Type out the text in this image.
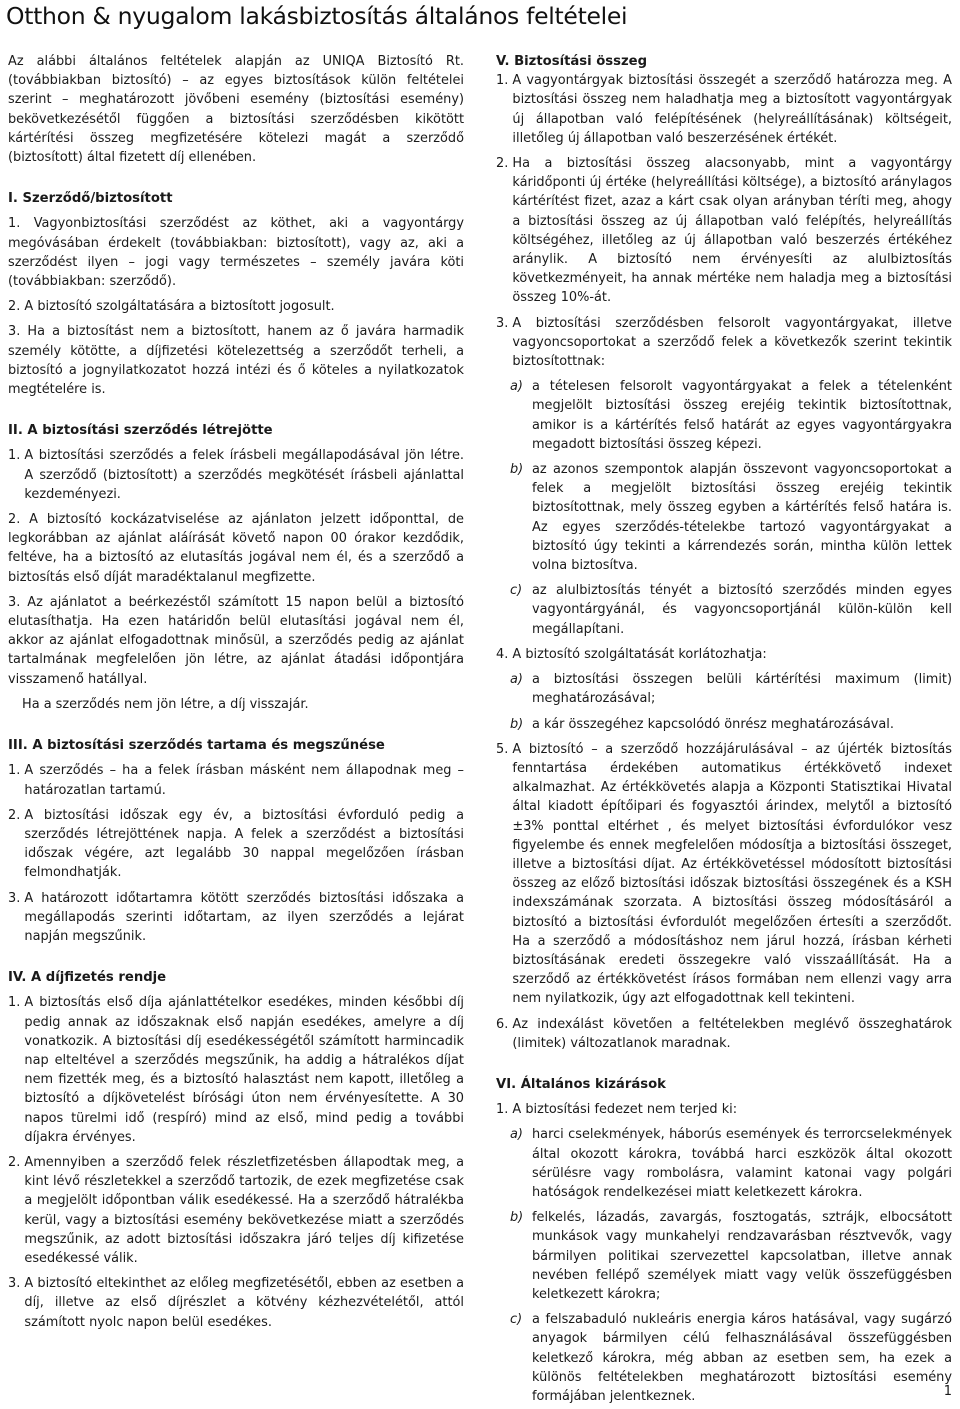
Otthon & nyugalom lakásbiztosítás általános feltételei

Az alábbi általános feltételek alapján az UNIQA Biztosító Rt. (továbbiakban biztosító) – az egyes biztosítások külön feltételei szerint – meghatározott jövőbeni esemény (biztosítási esemény) bekövetkezésétől függően a biztosítási szerződésben kikötött kártérítési összeg megfizetésére kötelezi magát a szerződő (biztosított) által fizetett díj ellenében.

I. Szerződő/biztosított

1. Vagyonbiztosítási szerződést az köthet, aki a vagyontárgy megóvásában érdekelt (továbbiakban: biztosított), vagy az, aki a szerződést ilyen – jogi vagy természetes – személy javára köti (továbbiakban: szerződő).

2. A biztosító szolgáltatására a biztosított jogosult.

3. Ha a biztosítást nem a biztosított, hanem az ő javára harmadik személy kötötte, a díjfizetési kötelezettség a szerződőt terheli, a biztosító a jognyilatkozatot hozzá intézi és ő köteles a nyilatkozatok megtételére is.

II. A biztosítási szerződés létrejötte
1. A biztosítási szerződés a felek írásbeli megállapodásával jön létre. A szerződő (biztosított) a szerződés megkötését írásbeli ajánlattal kezdeményezi.

2. A biztosító kockázatviselése az ajánlaton jelzett időponttal, de legkorábban az ajánlat aláírását követő napon 00 órakor kezdődik, feltéve, ha a biztosító az elutasítás jogával nem él, és a szerződő a biztosítás első díját maradéktalanul megfizette.

3. Az ajánlatot a beérkezéstől számított 15 napon belül a biztosító elutasíthatja. Ha ezen határidőn belül elutasítási jogával nem él, akkor az ajánlat elfogadottnak minősül, a szerződés pedig az ajánlat tartalmának megfelelően jön létre, az ajánlat átadási időpontjára visszamenő hatállyal.

Ha a szerződés nem jön létre, a díj visszajár.

III. A biztosítási szerződés tartama és megszűnése
1. A szerződés – ha a felek írásban másként nem állapodnak meg – határozatlan tartamú.
2. A biztosítási időszak egy év, a biztosítási évforduló pedig a szerződés létrejöttének napja. A felek a szerződést a biztosítási időszak végére, azt legalább 30 nappal megelőzően írásban felmondhatják.
3. A határozott időtartamra kötött szerződés biztosítási időszaka a megállapodás szerinti időtartam, az ilyen szerződés a lejárat napján megszűnik.
IV. A díjfizetés rendje
1. A biztosítás első díja ajánlattételkor esedékes, minden későbbi díj pedig annak az időszaknak első napján esedékes, amelyre a díj vonatkozik. A biztosítási díj esedékességétől számított harmincadik nap elteltével a szerződés megszűnik, ha addig a hátralékos díjat nem fizették meg, és a biztosító halasztást nem kapott, illetőleg a biztosító a díjkövetelést bírósági úton nem érvényesítette. A 30 napos türelmi idő (respíró) mind az első, mind pedig a további díjakra érvényes.
2. Amennyiben a szerződő felek részletfizetésben állapodtak meg, a kint lévő részletekkel a szerződő tartozik, de ezek megfizetése csak a megjelölt időpontban válik esedékessé. Ha a szerződő hátralékba kerül, vagy a biztosítási esemény bekövetkezése miatt a szerződés megszűnik, az adott biztosítási időszakra járó teljes díj kifizetése esedékessé válik.
3. A biztosító eltekinthet az előleg megfizetésétől, ebben az esetben a díj, illetve az első díjrészlet a kötvény kézhezvételétől, attól számított nyolc napon belül esedékes.
V. Biztosítási összeg
1. A vagyontárgyak biztosítási összegét a szerződő határozza meg. A biztosítási összeg nem haladhatja meg a biztosított vagyontárgyak új állapotban való felépítésének (helyreállításának) költségeit, illetőleg új állapotban való beszerzésének értékét.
2. Ha a biztosítási összeg alacsonyabb, mint a vagyontárgy káridőponti új értéke (helyreállítási költsége), a biztosító aránylagos kártérítést fizet, azaz a kárt csak olyan arányban téríti meg, ahogy a biztosítási összeg az új állapotban való felépítés, helyreállítás költségéhez, illetőleg az új állapotban való beszerzés értékéhez aránylik. A biztosító nem érvényesíti az alulbiztosítás következményeit, ha annak mértéke nem haladja meg a biztosítási összeg 10%-át.
3. A biztosítási szerződésben felsorolt vagyontárgyakat, illetve vagyoncsoportokat a szerződő felek a következők szerint tekintik biztosítottnak:
a) a tételesen felsorolt vagyontárgyakat a felek a tételenként megjelölt biztosítási összeg erejéig tekintik biztosítottnak, amikor is a kártérítés felső határát az egyes vagyontárgyakra megadott biztosítási összeg képezi.
b) az azonos szempontok alapján összevont vagyoncsoportokat a felek a megjelölt biztosítási összeg erejéig tekintik biztosítottnak, mely összeg egyben a kártérítés felső határa is. Az egyes szerződés-tételekbe tartozó vagyontárgyakat a biztosító úgy tekinti a kárrendezés során, mintha külön lettek volna biztosítva.
c) az alulbiztosítás tényét a biztosító szerződés minden egyes vagyontárgyánál, és vagyoncsoportjánál külön-külön kell megállapítani.
4. A biztosító szolgáltatását korlátozhatja:
a) a biztosítási összegen belüli kártérítési maximum (limit) meghatározásával;
b) a kár összegéhez kapcsolódó önrész meghatározásával.
5. A biztosító – a szerződő hozzájárulásával – az újérték biztosítás fenntartása érdekében automatikus értékkövető indexet alkalmazhat. Az értékkövetés alapja a Központi Statisztikai Hivatal által kiadott építőipari és fogyasztói árindex, melytől a biztosító ±3% ponttal eltérhet , és melyet biztosítási évfordulókor vesz figyelembe és ennek megfelelően módosítja a biztosítási összeget, illetve a biztosítási díjat. Az értékkövetéssel módosított biztosítási összeg az előző biztosítási időszak biztosítási összegének és a KSH indexszámának szorzata. A biztosítási összeg módosításáról a biztosító a biztosítási évfordulót megelőzően értesíti a szerződőt. Ha a szerződő a módosításhoz nem járul hozzá, írásban kérheti biztosításának eredeti összegekre való visszaállítását. Ha a szerződő az értékkövetést írásos formában nem ellenzi vagy arra nem nyilatkozik, úgy azt elfogadottnak kell tekinteni.
6. Az indexálást követően a feltételekben meglévő összeghatárok (limitek) változatlanok maradnak.
VI. Általános kizárások
1. A biztosítási fedezet nem terjed ki:
a) harci cselekmények, háborús események és terrorcselekmények által okozott károkra, továbbá harci eszközök által okozott sérülésre vagy rombolásra, valamint katonai vagy polgári hatóságok rendelkezései miatt keletkezett károkra.
b) felkelés, lázadás, zavargás, fosztogatás, sztrájk, elbocsátott munkások vagy munkahelyi rendzavarásban résztvevők, vagy bármilyen politikai szervezettel kapcsolatban, illetve annak nevében fellépő személyek miatt vagy velük összefüggésben keletkezett károkra;
c) a felszabaduló nukleáris energia káros hatásával, vagy sugárzó anyagok bármilyen célú felhasználásával összefüggésben keletkező károkra, még abban az esetben sem, ha ezek a különös feltételekben meghatározott biztosítási esemény formájában jelentkeznek.	1
